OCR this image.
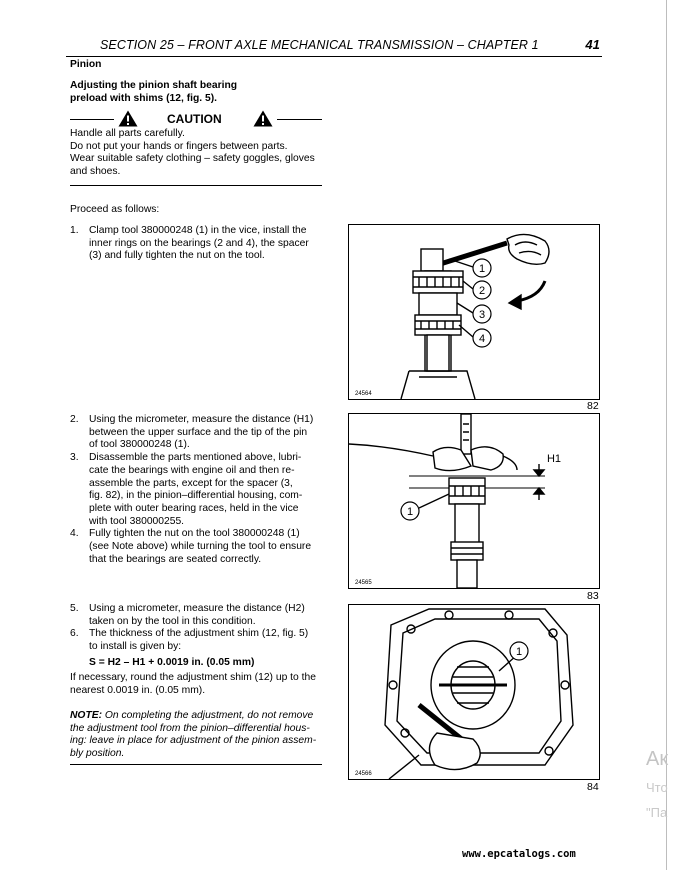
SECTION 25 – FRONT AXLE MECHANICAL TRANSMISSION – CHAPTER 1	41
Pinion
Adjusting the pinion shaft bearing
preload with shims (12, fig. 5).
CAUTION
Handle all parts carefully.
Do not put your hands or fingers between parts.
Wear suitable safety clothing – safety goggles, gloves
and shoes.
Proceed as follows:
1. Clamp tool 380000248 (1) in the vice, install the
inner rings on the bearings (2 and 4), the spacer
(3) and fully tighten the nut on the tool.
2. Using the micrometer, measure the distance (H1)
between the upper surface and the tip of the pin
of tool 380000248 (1).
3. Disassemble the parts mentioned above, lubri-
cate the bearings with engine oil and then re-
assemble the parts, except for the spacer (3,
fig. 82), in the pinion–differential housing, com-
plete with outer bearing races, held in the vice
with tool 380000255.
4. Fully tighten the nut on the tool 380000248 (1)
(see Note above) while turning the tool to ensure
that the bearings are seated correctly.
5. Using a micrometer, measure the distance (H2)
taken on by the tool in this condition.
6. The thickness of the adjustment shim (12, fig. 5)
to install is given by:
S = H2 – H1 + 0.0019 in. (0.05 mm)
If necessary, round the adjustment shim (12) up to the
nearest 0.0019 in. (0.05 mm).
NOTE: On completing the adjustment, do not remove
the adjustment tool from the pinion–differential hous-
ing: leave in place for adjustment of the pinion assem-
bly position.
1
2
3
4
24564
82
1
H1
24565
83
1
24566
84
Ак
Что
"Па
www.epcatalogs.com
